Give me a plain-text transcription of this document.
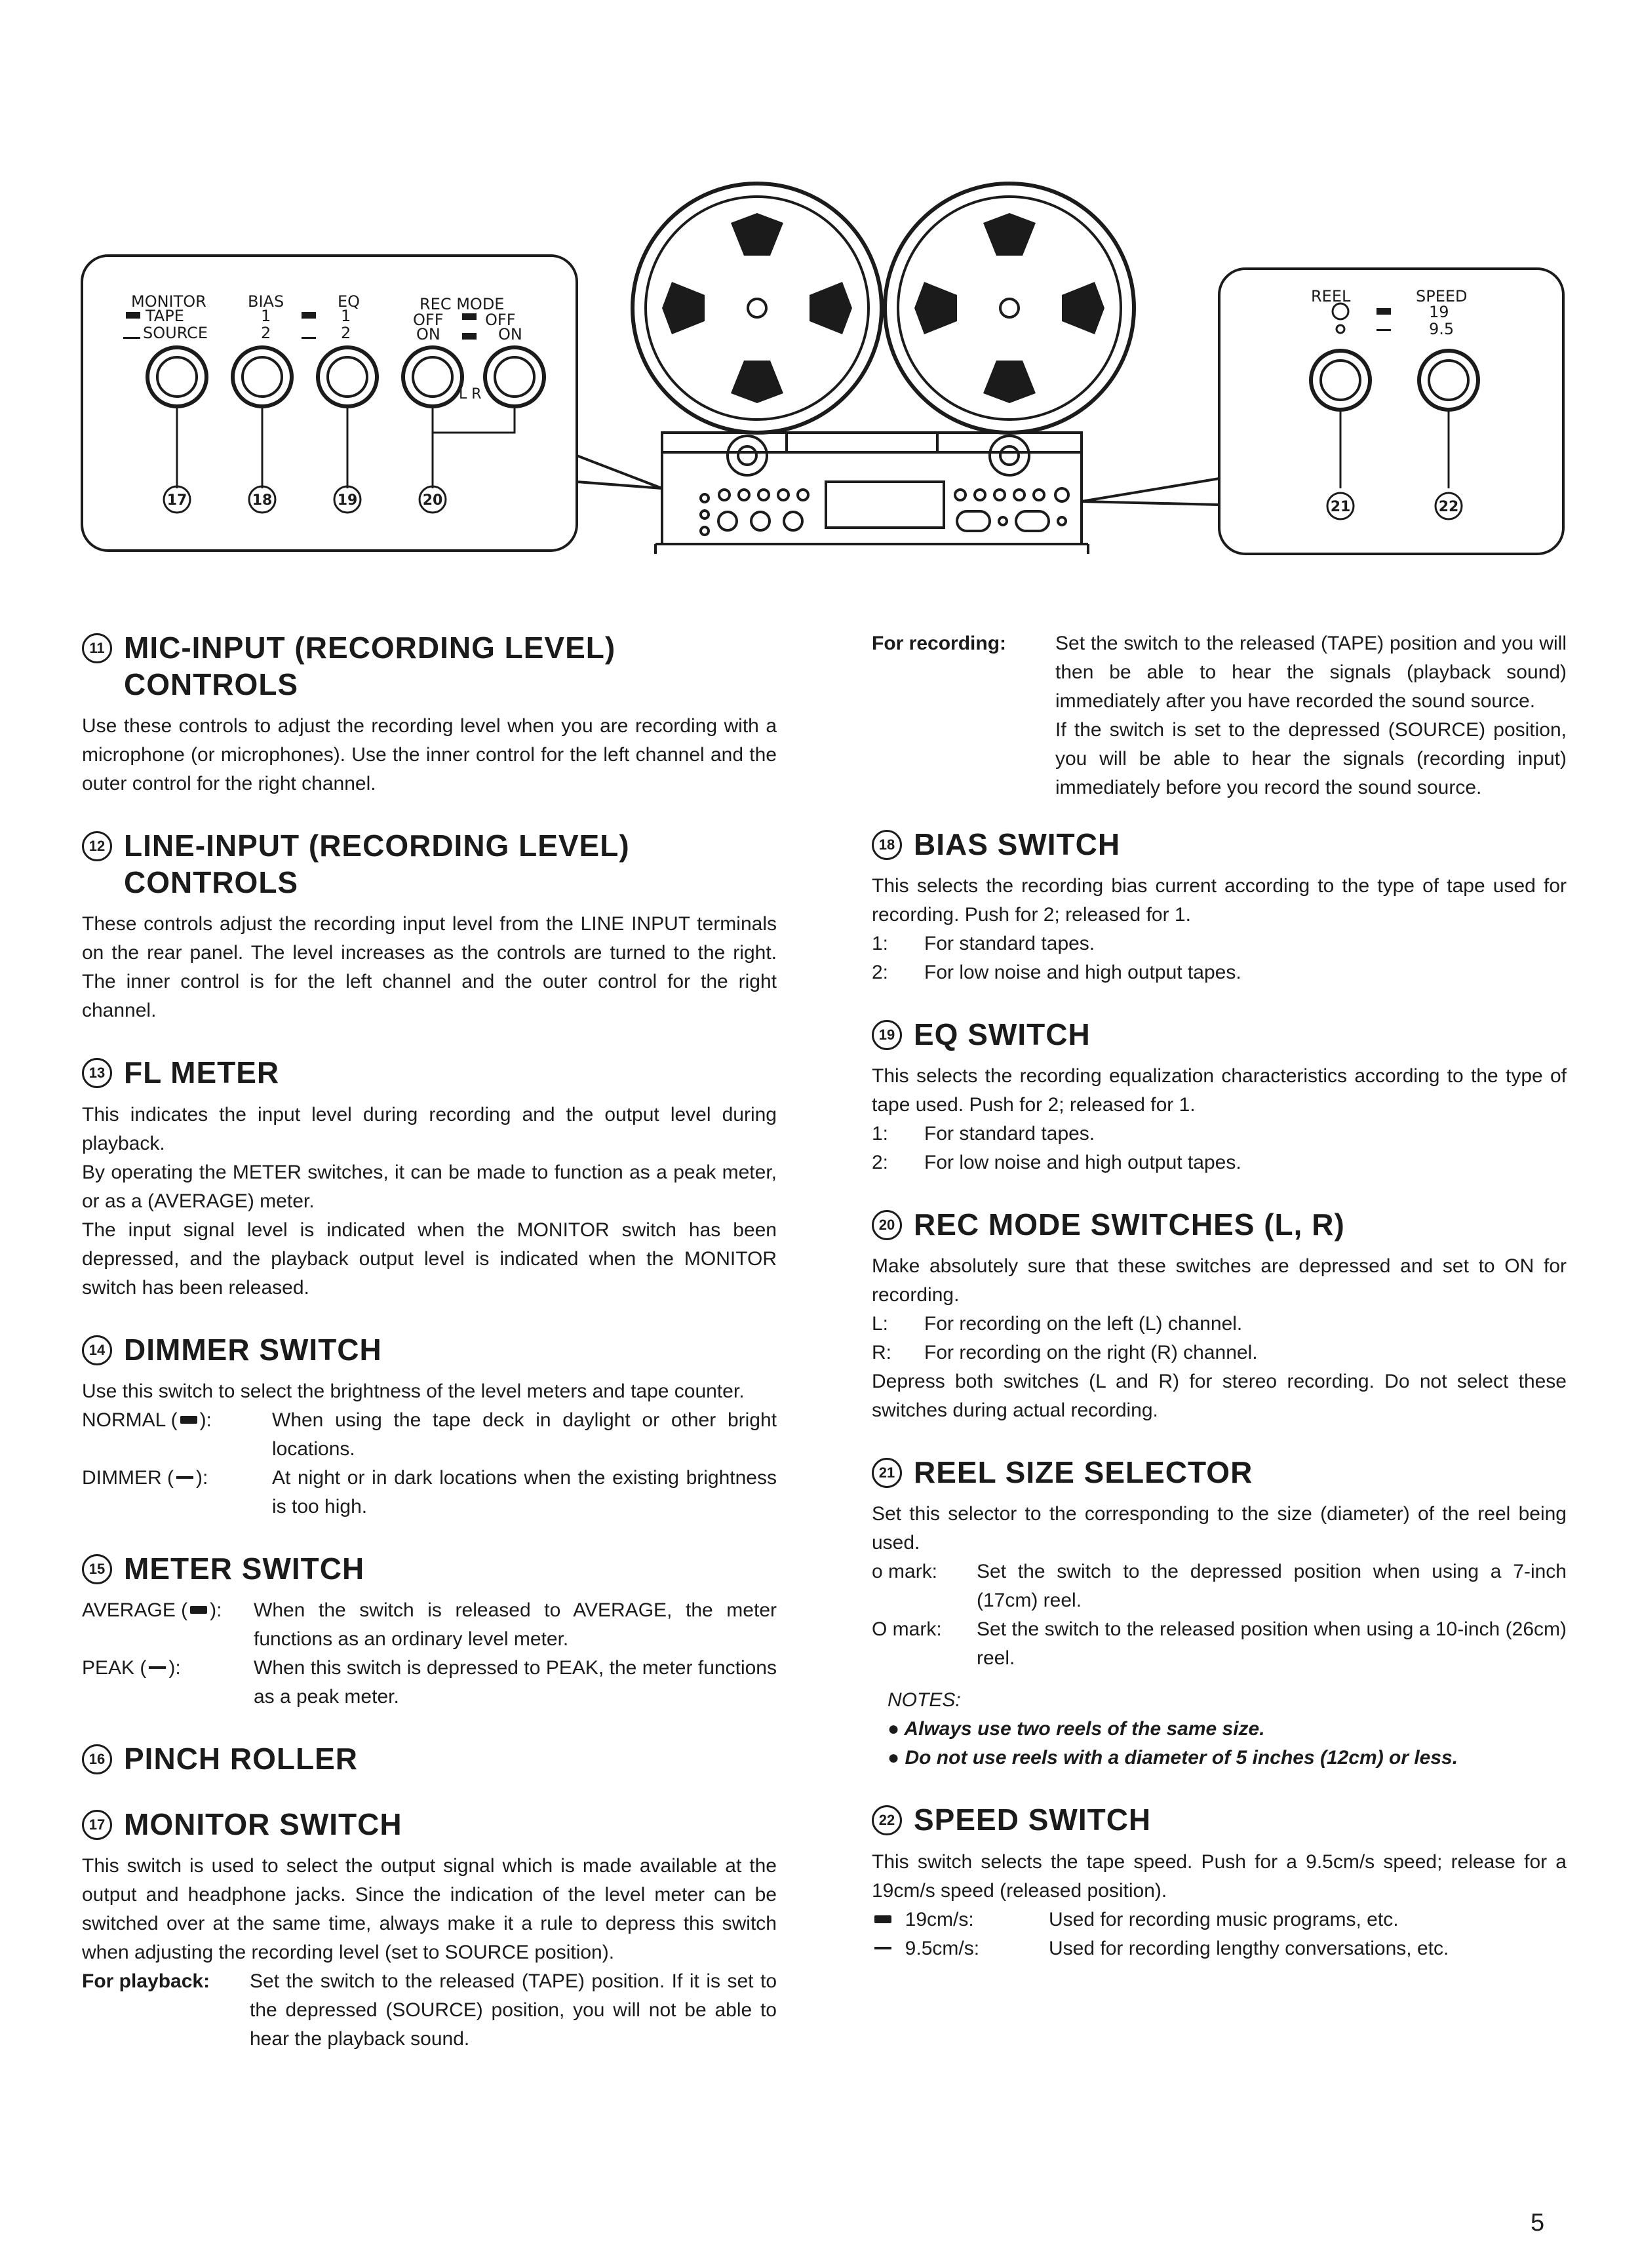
MONITOR	BIAS	EQ	REC MODE
TAPE
SOURCE
1
2
1
2
OFF	OFF
ON	ON
L R
17	18	19	20
REEL	SPEED
19
9.5
21	22
11 MIC-INPUT (RECORDING LEVEL)
CONTROLS

Use these controls to adjust the recording level when you are recording with a microphone (or microphones). Use the inner control for the left channel and the outer control for the right channel.

12 LINE-INPUT (RECORDING LEVEL)
CONTROLS

These controls adjust the recording input level from the LINE INPUT terminals on the rear panel. The level increases as the controls are turned to the right. The inner control is for the left channel and the outer control for the right channel.

13 FL METER

This indicates the input level during recording and the output level during playback.

By operating the METER switches, it can be made to function as a peak meter, or as a (AVERAGE) meter.

The input signal level is indicated when the MONITOR switch has been depressed, and the playback output level is indicated when the MONITOR switch has been released.

14 DIMMER SWITCH

Use this switch to select the brightness of the level meters and tape counter.

NORMAL ( ):	When using the tape deck in daylight or other bright locations.
DIMMER ( ):	At night or in dark locations when the existing brightness is too high.
15 METER SWITCH
AVERAGE ( ):	When the switch is released to AVERAGE, the meter functions as an ordinary level meter.
PEAK ( ):	When this switch is depressed to PEAK, the meter functions as a peak meter.
16 PINCH ROLLER
17 MONITOR SWITCH

This switch is used to select the output signal which is made available at the output and headphone jacks. Since the indication of the level meter can be switched over at the same time, always make it a rule to depress this switch when adjusting the recording level (set to SOURCE position).

For playback:	Set the switch to the released (TAPE) position. If it is set to the depressed (SOURCE) position, you will not be able to hear the playback sound.
For recording:	Set the switch to the released (TAPE) position and you will then be able to hear the signals (playback sound) immediately after you have recorded the sound source.
If the switch is set to the depressed (SOURCE) position, you will be able to hear the signals (recording input) immediately before you record the sound source.
18 BIAS SWITCH

This selects the recording bias current according to the type of tape used for recording. Push for 2; released for 1.

1:	For standard tapes.
2:	For low noise and high output tapes.
19 EQ SWITCH

This selects the recording equalization characteristics according to the type of tape used. Push for 2; released for 1.

1:	For standard tapes.
2:	For low noise and high output tapes.
20 REC MODE SWITCHES (L, R)

Make absolutely sure that these switches are depressed and set to ON for recording.

L:	For recording on the left (L) channel.
R:	For recording on the right (R) channel.

Depress both switches (L and R) for stereo recording. Do not select these switches during actual recording.

21 REEL SIZE SELECTOR

Set this selector to the corresponding to the size (diameter) of the reel being used.

o mark:	Set the switch to the depressed position when using a 7-inch (17cm) reel.
O mark:	Set the switch to the released position when using a 10-inch (26cm) reel.
NOTES:
● Always use two reels of the same size.
● Do not use reels with a diameter of 5 inches (12cm) or less.
22 SPEED SWITCH

This switch selects the tape speed. Push for a 9.5cm/s speed; release for a 19cm/s speed (released position).

19cm/s:	Used for recording music programs, etc.
9.5cm/s:	Used for recording lengthy conversations, etc.
5
